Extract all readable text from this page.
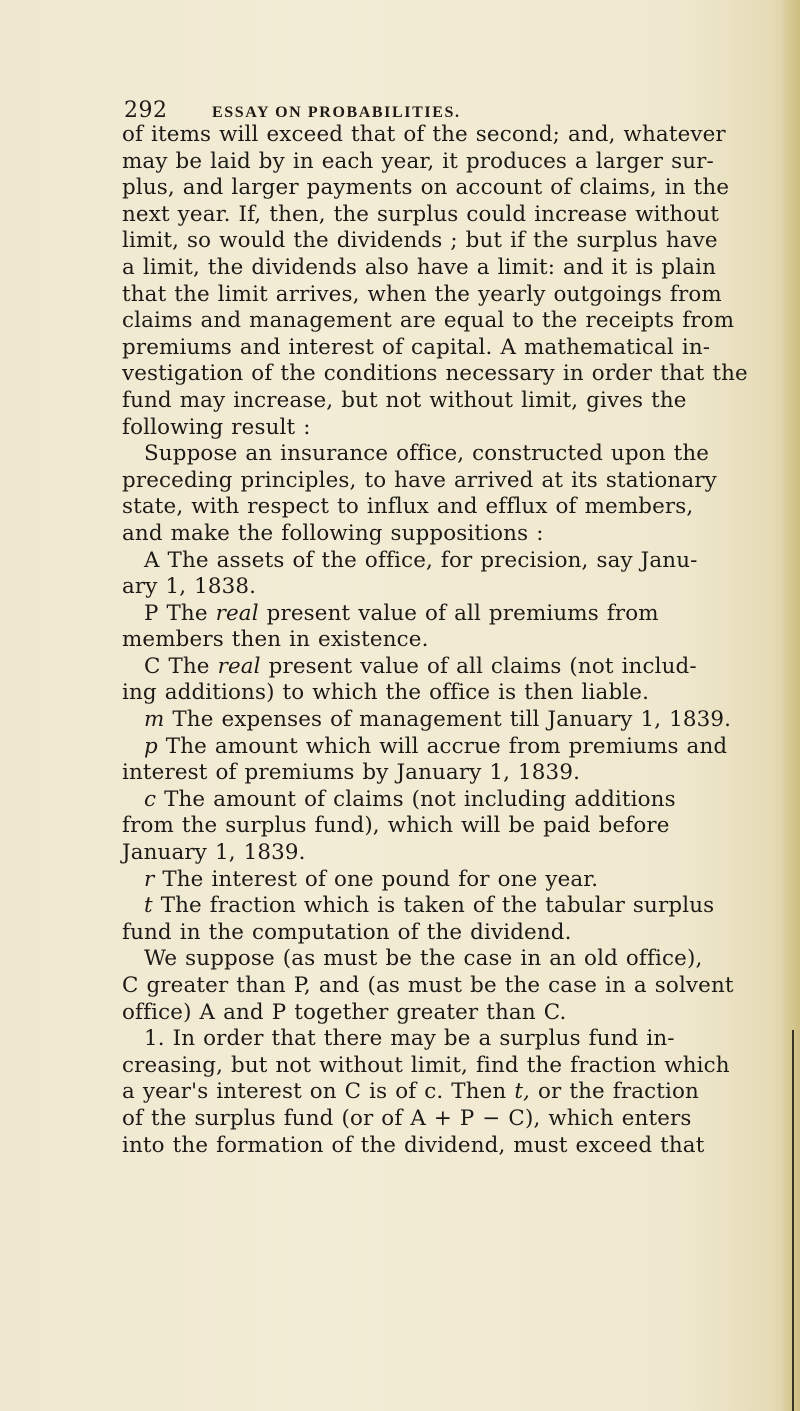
292	ESSAY ON PROBABILITIES.
of items will exceed that of the second; and, whatever
may be laid by in each year, it produces a larger sur-
plus, and larger payments on account of claims, in the
next year. If, then, the surplus could increase without
limit, so would the dividends ; but if the surplus have
a limit, the dividends also have a limit: and it is plain
that the limit arrives, when the yearly outgoings from
claims and management are equal to the receipts from
premiums and interest of capital. A mathematical in-
vestigation of the conditions necessary in order that the
fund may increase, but not without limit, gives the
following result :
Suppose an insurance office, constructed upon the
preceding principles, to have arrived at its stationary
state, with respect to influx and efflux of members,
and make the following suppositions :
A The assets of the office, for precision, say Janu-
ary 1, 1838.
P The real present value of all premiums from
members then in existence.
C The real present value of all claims (not includ-
ing additions) to which the office is then liable.
m The expenses of management till January 1, 1839.
p The amount which will accrue from premiums and
interest of premiums by January 1, 1839.
c The amount of claims (not including additions
from the surplus fund), which will be paid before
January 1, 1839.
r The interest of one pound for one year.
t The fraction which is taken of the tabular surplus
fund in the computation of the dividend.
We suppose (as must be the case in an old office),
C greater than P, and (as must be the case in a solvent
office) A and P together greater than C.
1. In order that there may be a surplus fund in-
creasing, but not without limit, find the fraction which
a year's interest on C is of c. Then t, or the fraction
of the surplus fund (or of A + P − C), which enters
into the formation of the dividend, must exceed that
